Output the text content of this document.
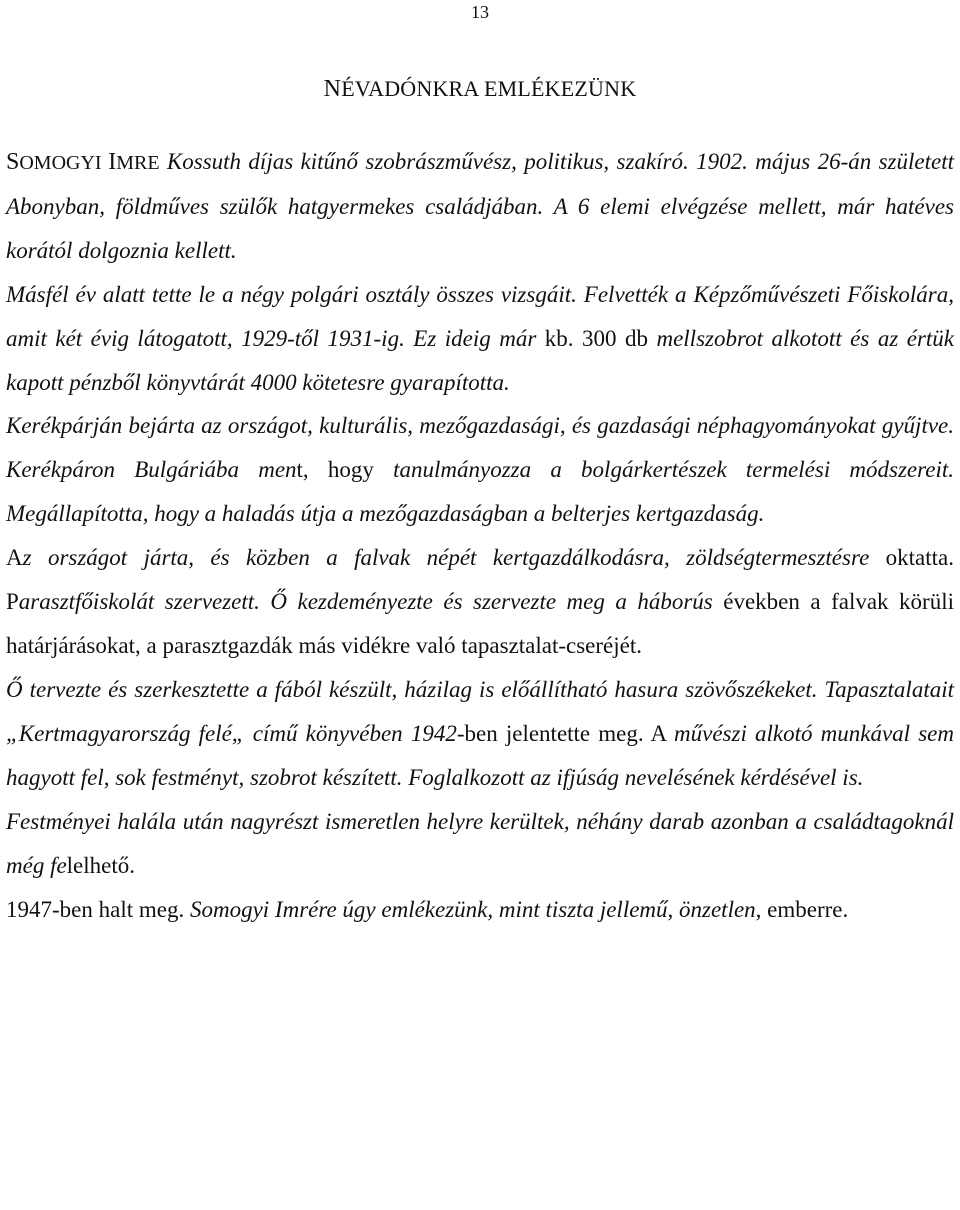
13
NÉVADÓNKRA EMLÉKEZÜNK

SOMOGYI IMRE Kossuth díjas kitűnő szobrászművész, politikus, szakíró. 1902. május 26-án született Abonyban, földműves szülők hatgyermekes családjában. A 6 elemi elvégzése mellett, már hatéves korától dolgoznia kellett.

Másfél év alatt tette le a négy polgári osztály összes vizsgáit. Felvették a Képzőművészeti Főiskolára, amit két évig látogatott, 1929-től 1931-ig. Ez ideig már kb. 300 db mellszobrot alkotott és az értük kapott pénzből könyvtárát 4000 kötetesre gyarapította.

Kerékpárján bejárta az országot, kulturális, mezőgazdasági, és gazdasági néphagyományokat gyűjtve. Kerékpáron Bulgáriába ment, hogy tanulmányozza a bolgárkertészek termelési módszereit. Megállapította, hogy a haladás útja a mezőgazdaságban a belterjes kertgazdaság.

Az országot járta, és közben a falvak népét kertgazdálkodásra, zöldségtermesztésre oktatta. Parasztfőiskolát szervezett. Ő kezdeményezte és szervezte meg a háborús években a falvak körüli határjárásokat, a parasztgazdák más vidékre való tapasztalat-cseréjét.

Ő tervezte és szerkesztette a fából készült, házilag is előállítható hasura szövőszékeket. Tapasztalatait „Kertmagyarország felé„ című könyvében 1942-ben jelentette meg. A művészi alkotó munkával sem hagyott fel, sok festményt, szobrot készített. Foglalkozott az ifjúság nevelésének kérdésével is.

Festményei halála után nagyrészt ismeretlen helyre kerültek, néhány darab azonban a családtagoknál még felelhető.

1947-ben halt meg. Somogyi Imrére úgy emlékezünk, mint tiszta jellemű, önzetlen, emberre.
